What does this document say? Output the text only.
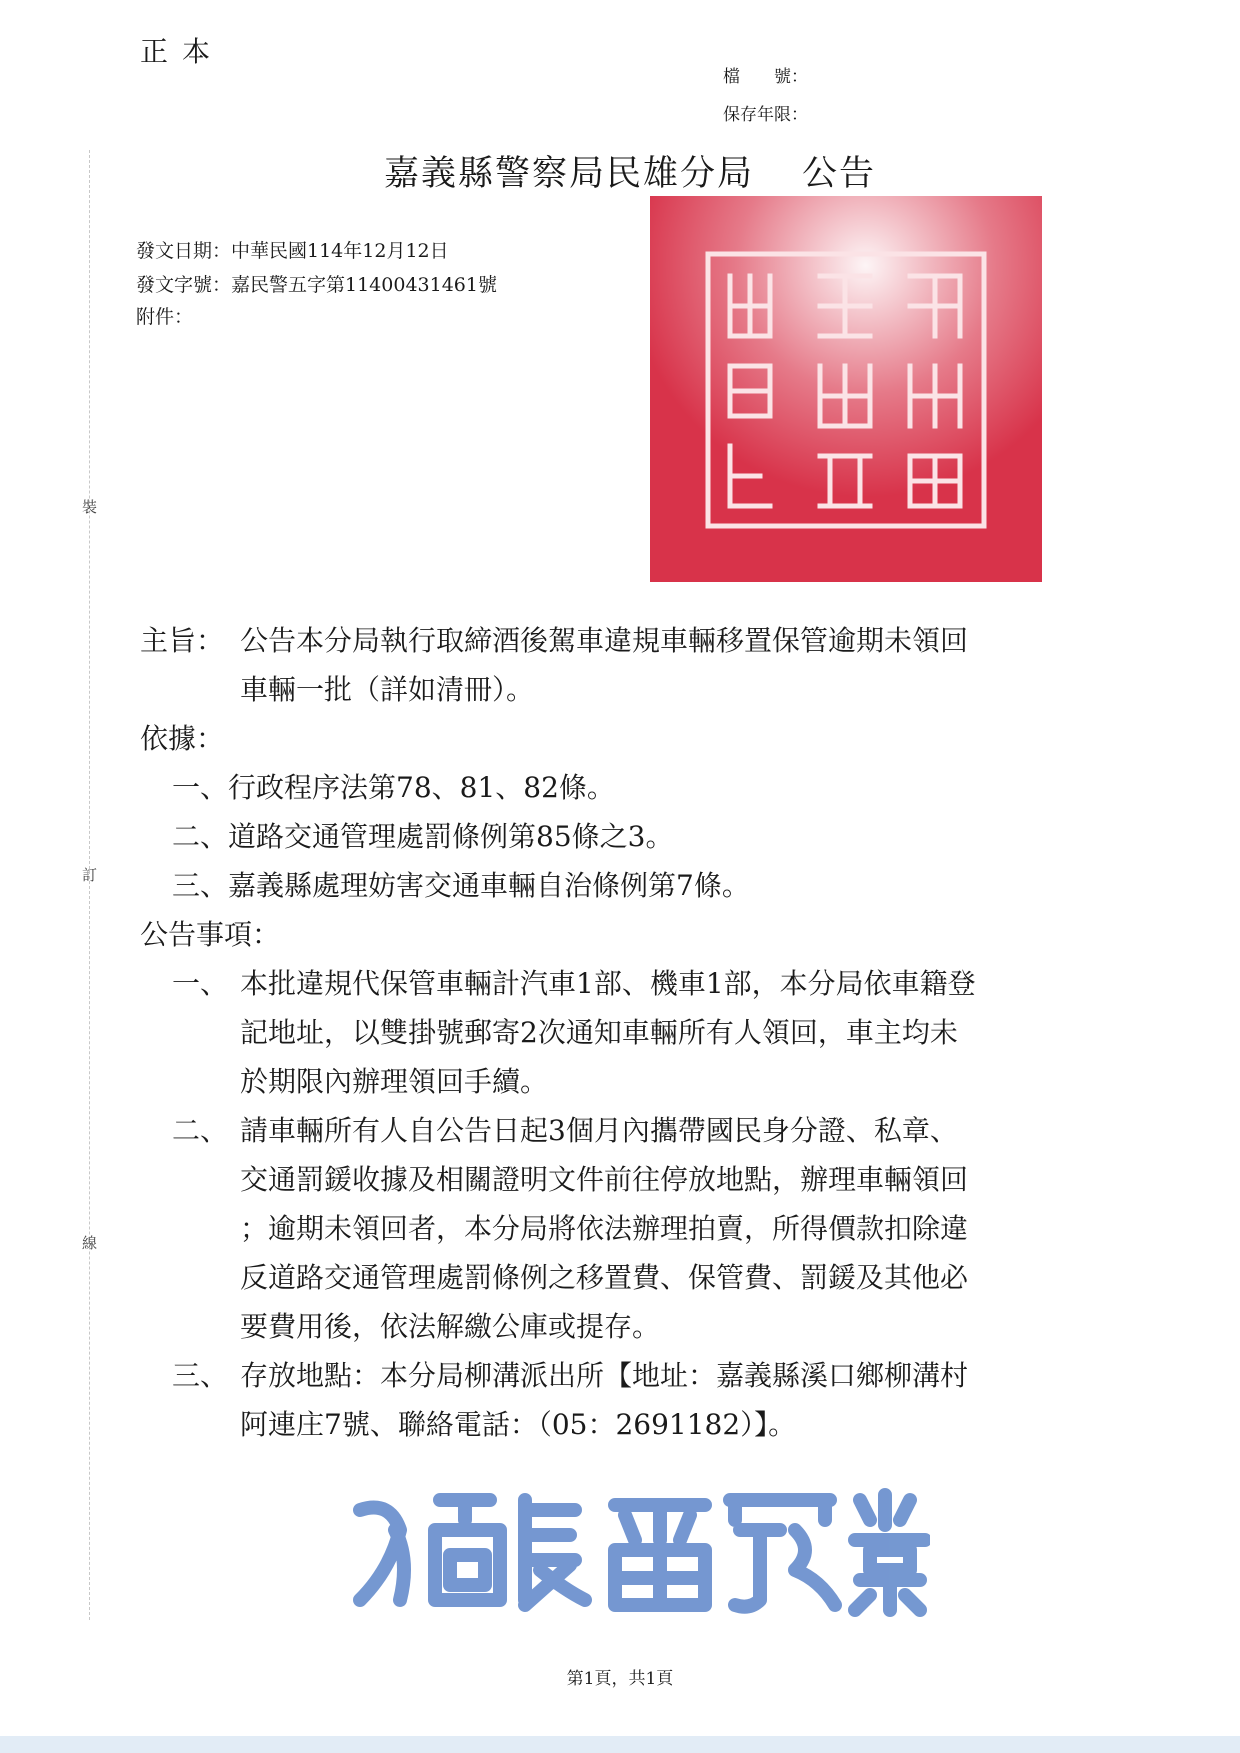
正本
檔　　號：
保存年限：
嘉義縣警察局民雄分局 公告
發文日期：中華民國114年12月12日
發文字號：嘉民警五字第11400431461號
附件：
裝
訂
線
主旨： 公告本分局執行取締酒後駕車違規車輛移置保管逾期未領回
車輛一批（詳如清冊）。
依據：
一、行政程序法第78、81、82條。
二、道路交通管理處罰條例第85條之3。
三、嘉義縣處理妨害交通車輛自治條例第7條。
公告事項：
一、 本批違規代保管車輛計汽車1部、機車1部，本分局依車籍登
記地址，以雙掛號郵寄2次通知車輛所有人領回，車主均未
於期限內辦理領回手續。
二、 請車輛所有人自公告日起3個月內攜帶國民身分證、私章、
交通罰鍰收據及相關證明文件前往停放地點，辦理車輛領回
；逾期未領回者，本分局將依法辦理拍賣，所得價款扣除違
反道路交通管理處罰條例之移置費、保管費、罰鍰及其他必
要費用後，依法解繳公庫或提存。
三、 存放地點：本分局柳溝派出所【地址：嘉義縣溪口鄉柳溝村
阿連庄7號、聯絡電話：（05：2691182）】。
第1頁，共1頁
